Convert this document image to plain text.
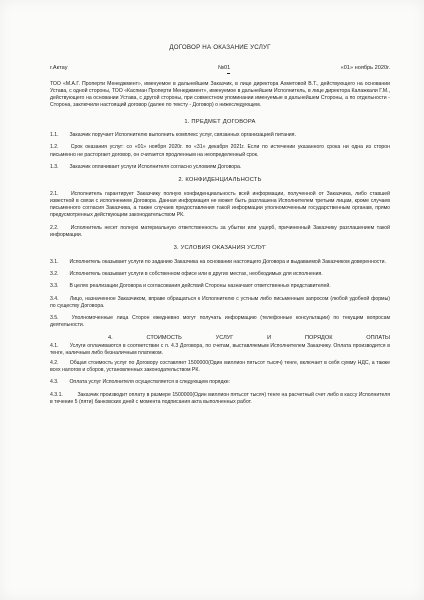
ДОГОВОР НА ОКАЗАНИЕ УСЛУГ
г.Актау	№01	«01» ноябрь 2020г.

ТОО «М.А.Г. Проперти Менеджмент», именуемое в дальнейшем Заказчик, в лице директора Ахметовой В.Т., действующего на основании Устава, с одной стороны, ТОО «Каспиан Проперти Менеджмент», именуемое в дальнейшем Исполнитель, в лице директора Калажкали Г.М., действующего на основании Устава, с другой стороны, при совместном упоминании именуемые в дальнейшем Стороны, а по отдельности - Сторона, заключили настоящий договор (далее по тексту - Договор) о нижеследующем.

1. ПРЕДМЕТ ДОГОВОРА

1.1. Заказчик поручает Исполнителю выполнить комплекс услуг, связанных организацией питания.

1.2. Срок оказания услуг: со «01» ноября 2020г. по «31» декабря 2021г. Если по истечении указанного срока ни одна из сторон письменно не расторгает договор, он считается продленным на неопределенный срок.

1.3. Заказчик оплачивает услуги Исполнителя согласно условиям Договора.

2. КОНФИДЕНЦИАЛЬНОСТЬ

2.1. Исполнитель гарантирует Заказчику полную конфиденциальность всей информации, полученной от Заказчика, либо ставшей известной в связи с исполнением Договора. Данная информация не может быть разглашена Исполнителем третьим лицам, кроме случаев письменного согласия Заказчика, а также случаев предоставления такой информации уполномоченным государственным органам, прямо предусмотренных действующим законодательством РК.

2.2. Исполнитель несет полную материальную ответственность за убытки или ущерб, причиненный Заказчику разглашением такой информации.

3. УСЛОВИЯ ОКАЗАНИЯ УСЛУГ

3.1. Исполнитель оказывает услуги по заданию Заказчика на основании настоящего Договора и выдаваемой Заказчиком доверенности.

3.2. Исполнитель оказывает услуги в собственном офисе или в других местах, необходимых для исполнения.

3.3. В целях реализации Договора и согласования действий Стороны назначают ответственных представителей.

3.4. Лицо, назначенное Заказчиком, вправе обращаться к Исполнителю с устным либо письменным запросом (любой удобной формы) по существу Договора.

3.5.	Уполномоченные лица Сторон ежедневно могут получать информацию (телефонные консультации) по текущим вопросам деятельности.

4.	СТОИМОСТЬ	УСЛУГ	И	ПОРЯДОК	ОПЛАТЫ

4.1. Услуги оплачиваются в соответствии с п. 4.3 Договора, по счетам, выставляемым Исполнителем Заказчику. Оплата производится в тенге, наличным либо безналичным платежом.

4.2. Общая стоимость услуг по Договору составляет 1500000(Один миллион пятьсот тысяч) тенге, включает в себя сумму НДС, а также всех налогов и сборов, установленных законодательством РК.

4.3. Оплата услуг Исполнителя осуществляется в следующем порядке:

4.3.1.	Заказчик производит оплату в размере 1500000(Один миллион пятьсот тысяч) тенге на расчетный счет либо в кассу Исполнителя в течение 5 (пяти) банковских дней с момента подписания акта выполненных работ.
